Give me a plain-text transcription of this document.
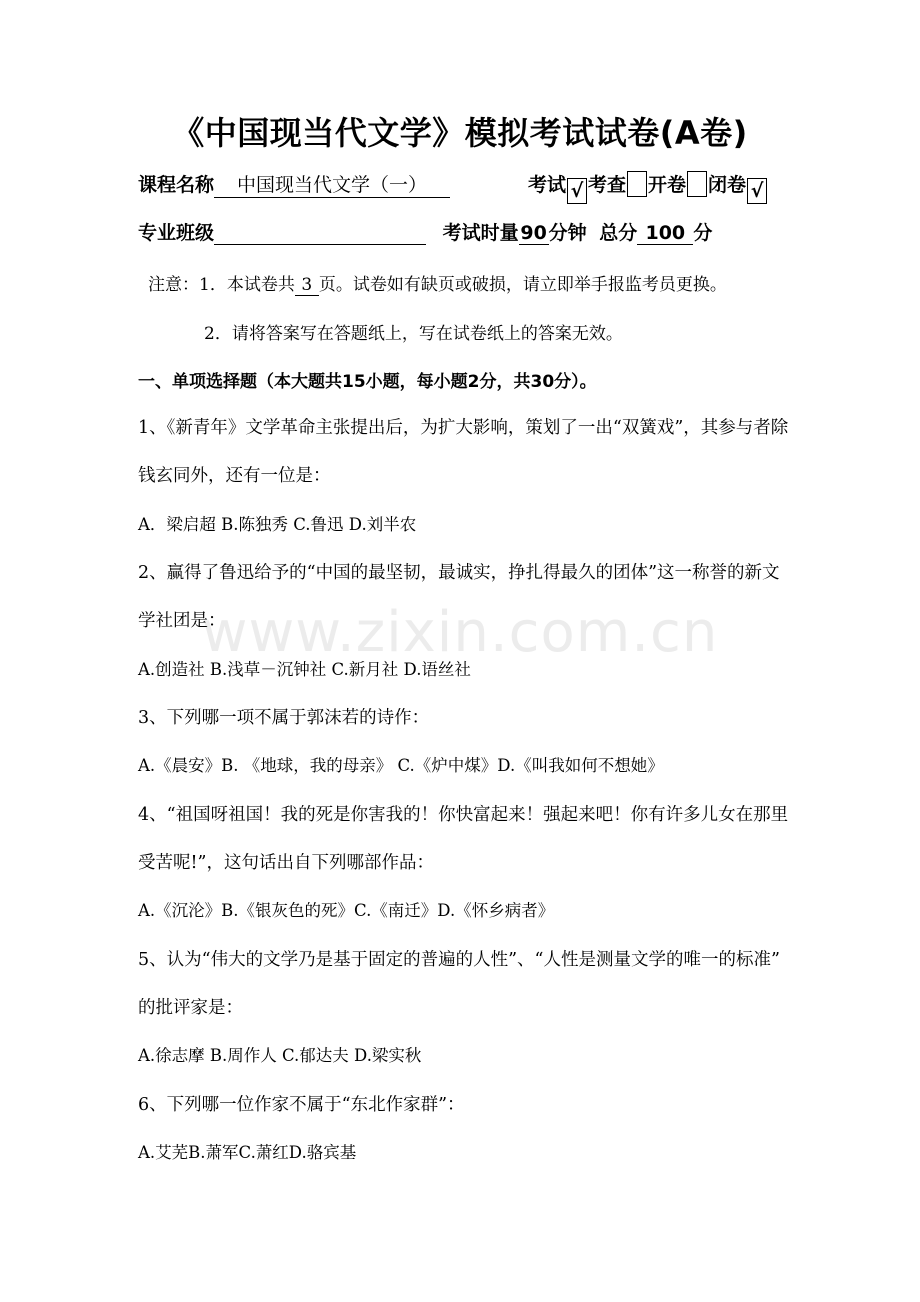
www.zixin.com.cn
《中国现当代文学》模拟考试试卷(A卷)
课程名称 中国现当代文学（一）	考试 √ 考查 开卷 闭卷 √
专业班级	考试时量90分钟 总分 100 分
注意：1．本试卷共 3 页。试卷如有缺页或破损，请立即举手报监考员更换。
2．请将答案写在答题纸上，写在试卷纸上的答案无效。
一、单项选择题（本大题共15小题，每小题2分，共30分）。
1、《新青年》文学革命主张提出后，为扩大影响，策划了一出“双簧戏”，其参与者除
钱玄同外，还有一位是：
A．梁启超 B.陈独秀 C.鲁迅 D.刘半农
2、赢得了鲁迅给予的“中国的最坚韧，最诚实，挣扎得最久的团体”这一称誉的新文
学社团是：
A.创造社 B.浅草－沉钟社 C.新月社 D.语丝社
3、下列哪一项不属于郭沫若的诗作：
A.《晨安》B. 《地球，我的母亲》 C.《炉中煤》D.《叫我如何不想她》
4、“祖国呀祖国！我的死是你害我的！你快富起来！强起来吧！你有许多儿女在那里
受苦呢!”，这句话出自下列哪部作品：
A.《沉沦》B.《银灰色的死》C.《南迁》D.《怀乡病者》
5、认为“伟大的文学乃是基于固定的普遍的人性”、“人性是测量文学的唯一的标准”
的批评家是：
A.徐志摩 B.周作人 C.郁达夫 D.梁实秋
6、下列哪一位作家不属于“东北作家群”：
A.艾芜B.萧军C.萧红D.骆宾基
